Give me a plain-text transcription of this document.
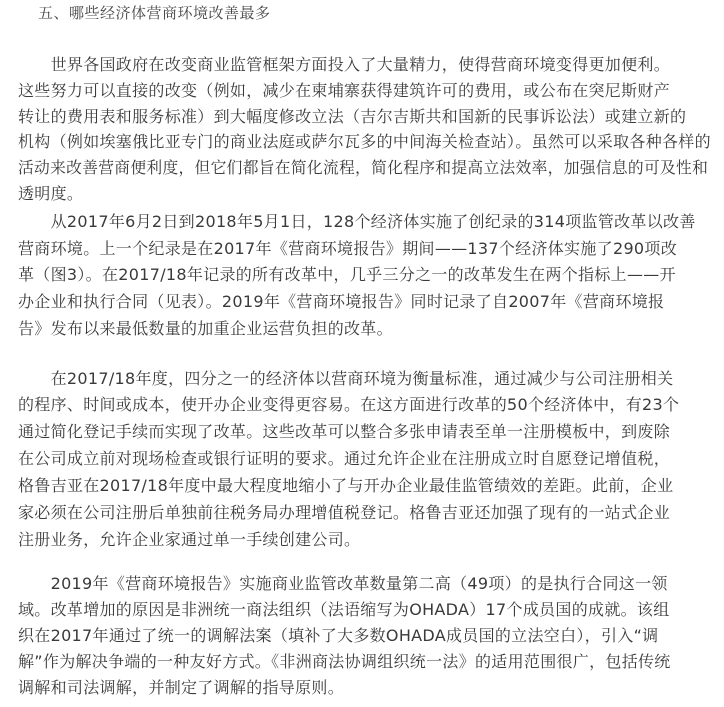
五、哪些经济体营商环境改善最多
　　世界各国政府在改变商业监管框架方面投入了大量精力，使得营商环境变得更加便利。
这些努力可以直接的改变（例如，减少在柬埔寨获得建筑许可的费用，或公布在突尼斯财产
转让的费用表和服务标准）到大幅度修改立法（吉尔吉斯共和国新的民事诉讼法）或建立新的
机构（例如埃塞俄比亚专门的商业法庭或萨尔瓦多的中间海关检查站）。虽然可以采取各种各样的
活动来改善营商便利度，但它们都旨在简化流程，简化程序和提高立法效率，加强信息的可及性和
透明度。
　　从2017年6月2日到2018年5月1日，128个经济体实施了创纪录的314项监管改革以改善
营商环境。上一个纪录是在2017年《营商环境报告》期间——137个经济体实施了290项改
革（图3）。在2017/18年记录的所有改革中，几乎三分之一的改革发生在两个指标上——开
办企业和执行合同（见表）。2019年《营商环境报告》同时记录了自2007年《营商环境报
告》发布以来最低数量的加重企业运营负担的改革。
　　在2017/18年度，四分之一的经济体以营商环境为衡量标准，通过减少与公司注册相关
的程序、时间或成本，使开办企业变得更容易。在这方面进行改革的50个经济体中，有23个
通过简化登记手续而实现了改革。这些改革可以整合多张申请表至单一注册模板中，到废除
在公司成立前对现场检查或银行证明的要求。通过允许企业在注册成立时自愿登记增值税，
格鲁吉亚在2017/18年度中最大程度地缩小了与开办企业最佳监管绩效的差距。此前，企业
家必须在公司注册后单独前往税务局办理增值税登记。格鲁吉亚还加强了现有的一站式企业
注册业务，允许企业家通过单一手续创建公司。
　　2019年《营商环境报告》实施商业监管改革数量第二高（49项）的是执行合同这一领
域。改革增加的原因是非洲统一商法组织（法语缩写为OHADA）17个成员国的成就。该组
织在2017年通过了统一的调解法案（填补了大多数OHADA成员国的立法空白），引入“调
解”作为解决争端的一种友好方式。《非洲商法协调组织统一法》的适用范围很广，包括传统
调解和司法调解，并制定了调解的指导原则。
